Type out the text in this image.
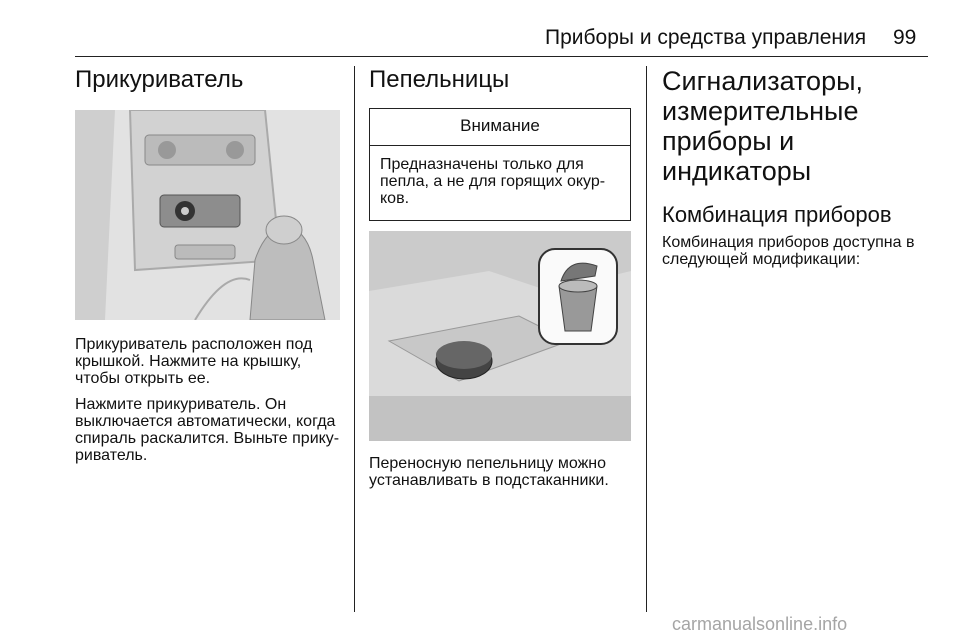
Приборы и средства управления 99
Прикуриватель

Прикуриватель расположен под
крышкой. Нажмите на крышку,
чтобы открыть ее.

Нажмите прикуриватель. Он
выключается автоматически, когда
спираль раскалится. Выньте прику-
риватель.

Пепельницы
Внимание

Предназначены только для
пепла, а не для горящих окур-
ков.

Переносную пепельницу можно
устанавливать в подстаканники.

Сигнализаторы,
измерительные
приборы и
индикаторы
Комбинация приборов

Комбинация приборов доступна в
следующей модификации:

carmanualsonline.info
